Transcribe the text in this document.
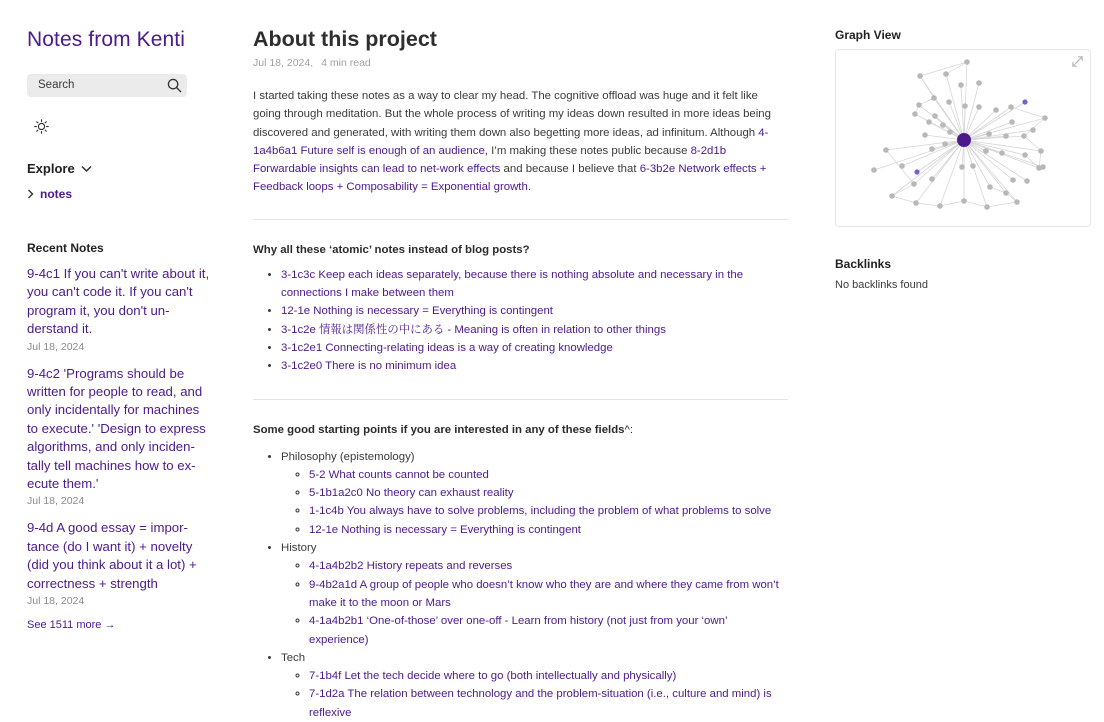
Notes from Kenti
Search
Explore
notes
Recent Notes
9-4c1 If you can't write about it, you can't code it. If you can't program it, you don't un-derstand it.
Jul 18, 2024
9-4c2 'Programs should be written for people to read, and only incidentally for machines to execute.' 'Design to express algorithms, and only inciden-tally tell machines how to ex-ecute them.'
Jul 18, 2024
9-4d A good essay = impor-tance (do I want it) + novelty (did you think about it a lot) + correctness + strength
Jul 18, 2024
See 1511 more →
About this project
Jul 18, 2024, 4 min read

I started taking these notes as a way to clear my head. The cognitive offload was huge and it felt like going through meditation. But the whole process of writing my ideas down resulted in more ideas being discovered and generated, with writing them down also begetting more ideas, ad infinitum. Although 4-1a4b6a1 Future self is enough of an audience, I’m making these notes public because 8-2d1b Forwardable insights can lead to net-work effects and because I believe that 6-3b2e Network effects + Feedback loops + Composability = Exponential growth.

Why all these ‘atomic’ notes instead of blog posts?
• 3-1c3c Keep each ideas separately, because there is nothing absolute and necessary in the connections I make between them
• 12-1e Nothing is necessary = Everything is contingent
• 3-1c2e 情報は関係性の中にある - Meaning is often in relation to other things
• 3-1c2e1 Connecting-relating ideas is a way of creating knowledge
• 3-1c2e0 There is no minimum idea
Some good starting points if you are interested in any of these fields^:
• Philosophy (epistemology)
◦ 5-2 What counts cannot be counted
◦ 5-1b1a2c0 No theory can exhaust reality
◦ 1-1c4b You always have to solve problems, including the problem of what problems to solve
◦ 12-1e Nothing is necessary = Everything is contingent
• History
◦ 4-1a4b2b2 History repeats and reverses
◦ 9-4b2a1d A group of people who doesn’t know who they are and where they came from won’t make it to the moon or Mars
◦ 4-1a4b2b1 ‘One-of-those’ over one-off - Learn from history (not just from your ‘own’ experience)
• Tech
◦ 7-1b4f Let the tech decide where to go (both intellectually and physically)
◦ 7-1d2a The relation between technology and the problem-situation (i.e., culture and mind) is reflexive
Graph View
Backlinks
No backlinks found
